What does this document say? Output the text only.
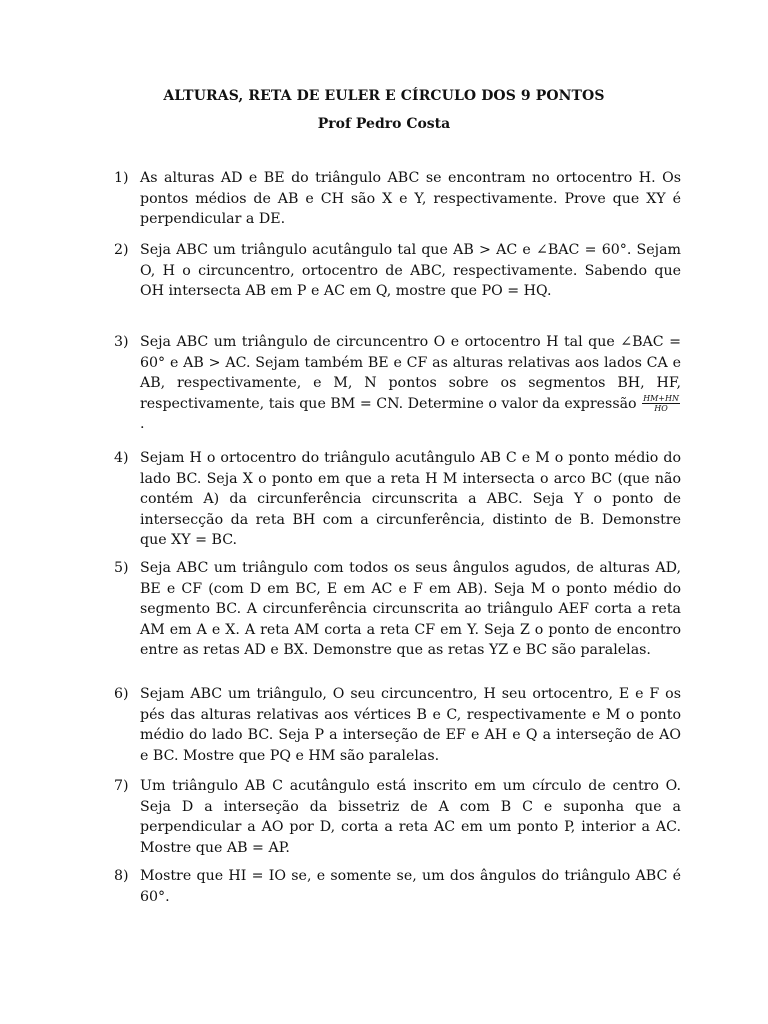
ALTURAS, RETA DE EULER E CÍRCULO DOS 9 PONTOS
Prof Pedro Costa
1) As alturas AD e BE do triângulo ABC se encontram no ortocentro H. Os pontos médios de AB e CH são X e Y, respectivamente. Prove que XY é perpendicular a DE.
2) Seja ABC um triângulo acutângulo tal que AB > AC e ∠BAC = 60°. Sejam O, H o circuncentro, ortocentro de ABC, respectivamente. Sabendo que OH intersecta AB em P e AC em Q, mostre que PO = HQ.
3) Seja ABC um triângulo de circuncentro O e ortocentro H tal que ∠BAC = 60° e AB > AC. Sejam também BE e CF as alturas relativas aos lados CA e AB, respectivamente, e M, N pontos sobre os segmentos BH, HF, respectivamente, tais que BM = CN. Determine o valor da expressão $\frac{HM+HN}{HO}$
.
4) Sejam H o ortocentro do triângulo acutângulo AB C e M o ponto médio do lado BC. Seja X o ponto em que a reta H M intersecta o arco BC (que não contém A) da circunferência circunscrita a ABC. Seja Y o ponto de intersecção da reta BH com a circunferência, distinto de B. Demonstre que XY = BC.
5) Seja ABC um triângulo com todos os seus ângulos agudos, de alturas AD, BE e CF (com D em BC, E em AC e F em AB). Seja M o ponto médio do segmento BC. A circunferência circunscrita ao triângulo AEF corta a reta AM em A e X. A reta AM corta a reta CF em Y. Seja Z o ponto de encontro entre as retas AD e BX. Demonstre que as retas YZ e BC são paralelas.
6) Sejam ABC um triângulo, O seu circuncentro, H seu ortocentro, E e F os pés das alturas relativas aos vértices B e C, respectivamente e M o ponto médio do lado BC. Seja P a interseção de EF e AH e Q a interseção de AO e BC. Mostre que PQ e HM são paralelas.
7) Um triângulo AB C acutângulo está inscrito em um círculo de centro O. Seja D a interseção da bissetriz de A com B C e suponha que a perpendicular a AO por D, corta a reta AC em um ponto P, interior a AC. Mostre que AB = AP.
8) Mostre que HI = IO se, e somente se, um dos ângulos do triângulo ABC é 60°.
